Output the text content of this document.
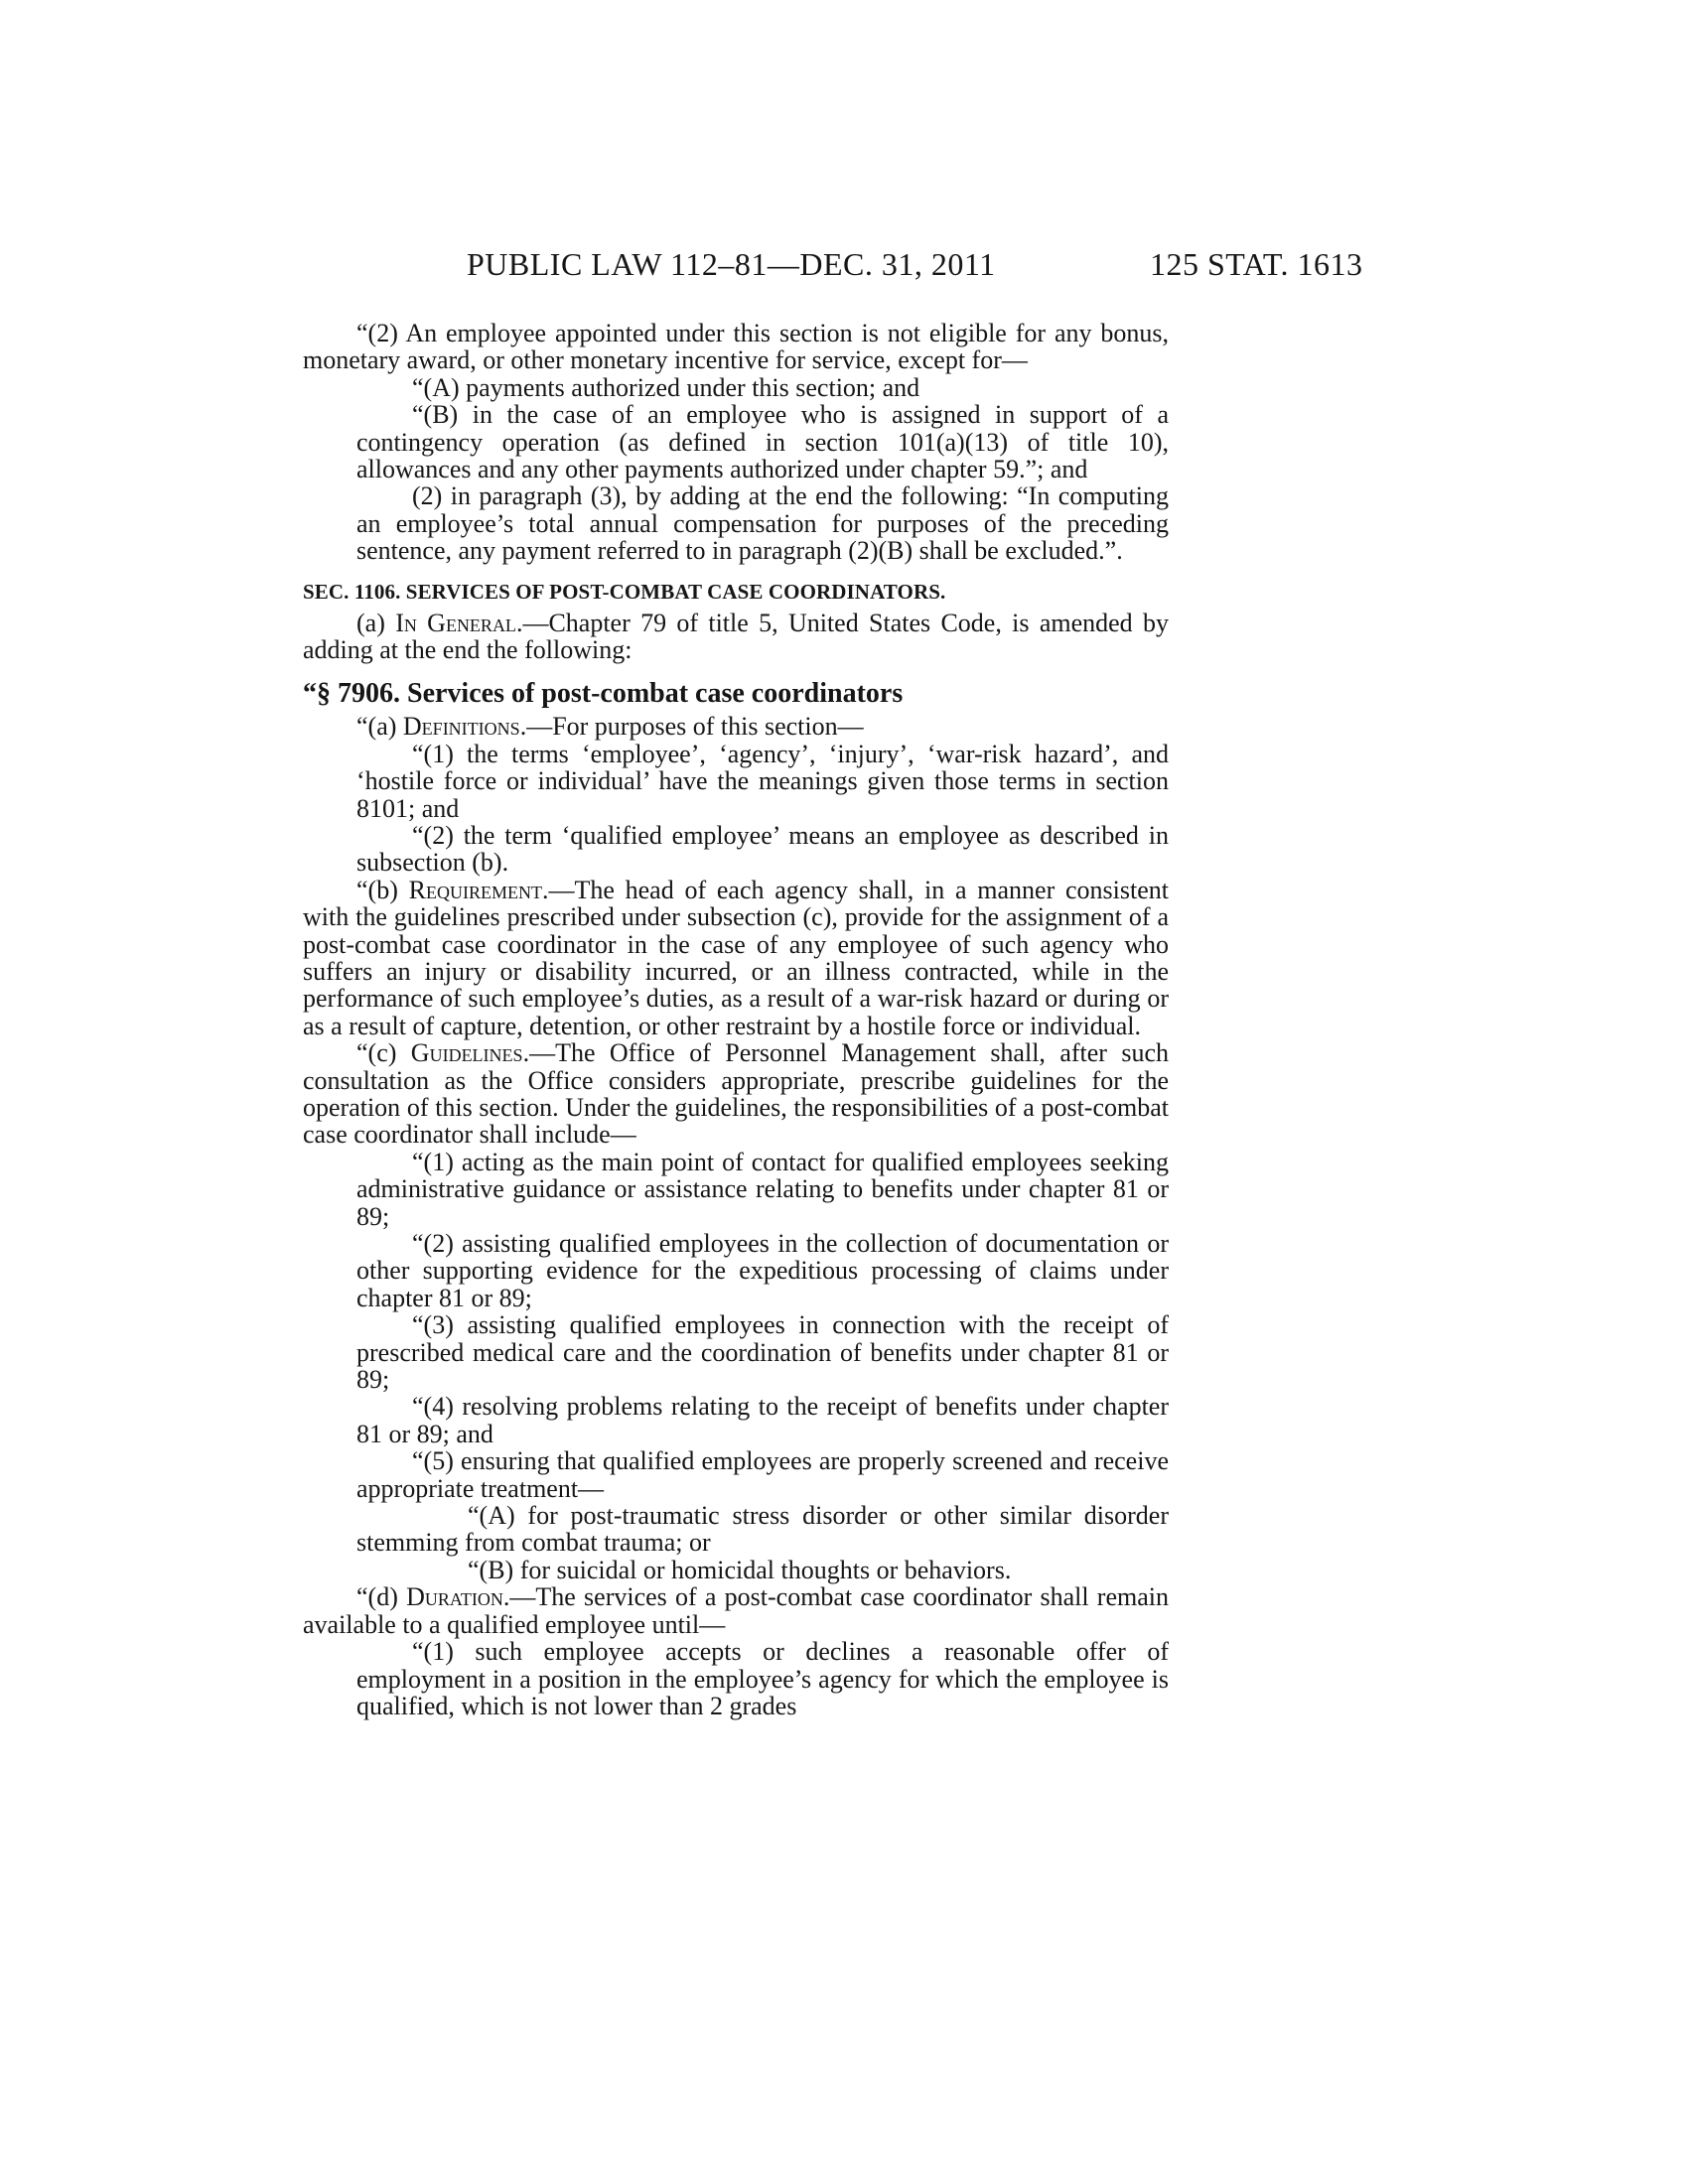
PUBLIC LAW 112–81—DEC. 31, 2011	125 STAT. 1613

“(2) An employee appointed under this section is not eligible for any bonus, monetary award, or other monetary incentive for service, except for—

“(A) payments authorized under this section; and

“(B) in the case of an employee who is assigned in support of a contingency operation (as defined in section 101(a)(13) of title 10), allowances and any other payments authorized under chapter 59.”; and

(2) in paragraph (3), by adding at the end the following: “In computing an employee’s total annual compensation for purposes of the preceding sentence, any payment referred to in paragraph (2)(B) shall be excluded.”.

SEC. 1106. SERVICES OF POST-COMBAT CASE COORDINATORS.

(a) In General.—Chapter 79 of title 5, United States Code, is amended by adding at the end the following:

“§ 7906. Services of post-combat case coordinators

“(a) Definitions.—For purposes of this section—

“(1) the terms ‘employee’, ‘agency’, ‘injury’, ‘war-risk hazard’, and ‘hostile force or individual’ have the meanings given those terms in section 8101; and

“(2) the term ‘qualified employee’ means an employee as described in subsection (b).

“(b) Requirement.—The head of each agency shall, in a manner consistent with the guidelines prescribed under subsection (c), provide for the assignment of a post-combat case coordinator in the case of any employee of such agency who suffers an injury or disability incurred, or an illness contracted, while in the performance of such employee’s duties, as a result of a war-risk hazard or during or as a result of capture, detention, or other restraint by a hostile force or individual.

“(c) Guidelines.—The Office of Personnel Management shall, after such consultation as the Office considers appropriate, prescribe guidelines for the operation of this section. Under the guidelines, the responsibilities of a post-combat case coordinator shall include—

“(1) acting as the main point of contact for qualified employees seeking administrative guidance or assistance relating to benefits under chapter 81 or 89;

“(2) assisting qualified employees in the collection of documentation or other supporting evidence for the expeditious processing of claims under chapter 81 or 89;

“(3) assisting qualified employees in connection with the receipt of prescribed medical care and the coordination of benefits under chapter 81 or 89;

“(4) resolving problems relating to the receipt of benefits under chapter 81 or 89; and

“(5) ensuring that qualified employees are properly screened and receive appropriate treatment—

“(A) for post-traumatic stress disorder or other similar disorder stemming from combat trauma; or

“(B) for suicidal or homicidal thoughts or behaviors.

“(d) Duration.—The services of a post-combat case coordinator shall remain available to a qualified employee until—

“(1) such employee accepts or declines a reasonable offer of employment in a position in the employee’s agency for which the employee is qualified, which is not lower than 2 grades
